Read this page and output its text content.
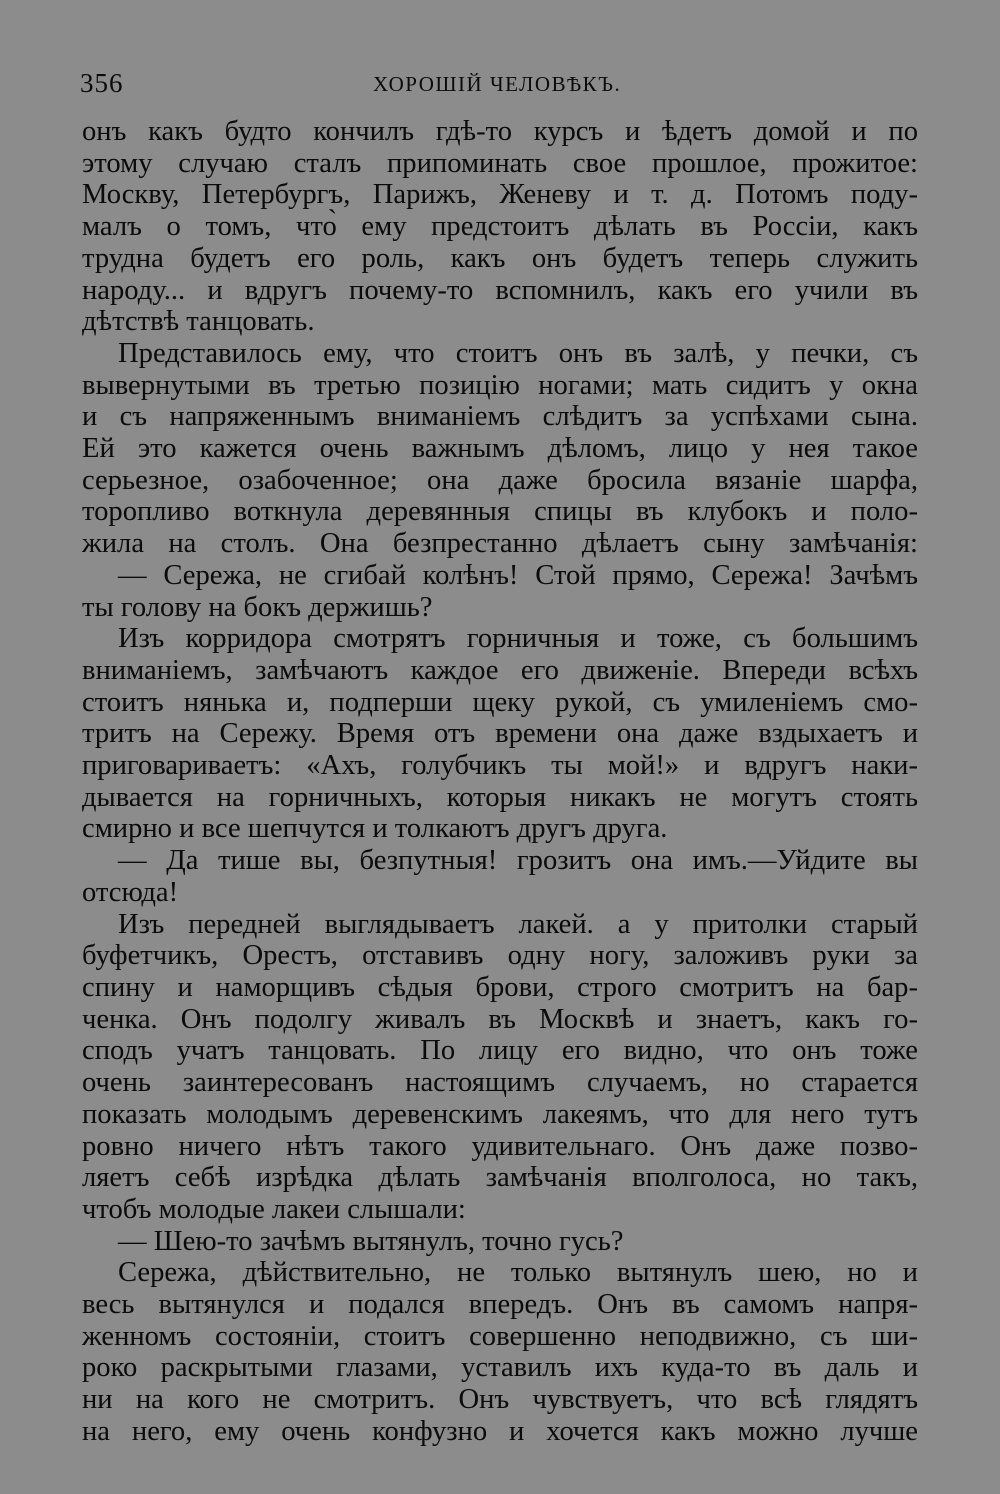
356	ХОРОШІЙ ЧЕЛОВѢКЪ.
онъ какъ будто кончилъ гдѣ-то курсъ и ѣдетъ домой и по
этому случаю сталъ припоминать свое прошлое, прожитое:
Москву, Петербургъ, Парижъ, Женеву и т. д. Потомъ поду-
малъ о томъ, что̀ ему предстоитъ дѣлать въ Россіи, какъ
трудна будетъ его роль, какъ онъ будетъ теперь служить
народу... и вдругъ почему-то вспомнилъ, какъ его учили въ
дѣтствѣ танцовать.
Представилось ему, что стоитъ онъ въ залѣ, у печки, съ
вывернутыми въ третью позицію ногами; мать сидитъ у окна
и съ напряженнымъ вниманіемъ слѣдитъ за успѣхами сына.
Ей это кажется очень важнымъ дѣломъ, лицо у нея такое
серьезное, озабоченное; она даже бросила вязаніе шарфа,
торопливо воткнула деревянныя спицы въ клубокъ и поло-
жила на столъ. Она безпрестанно дѣлаетъ сыну замѣчанія:
— Сережа, не сгибай колѣнъ! Стой прямо, Сережа! Зачѣмъ
ты голову на бокъ держишь?
Изъ корридора смотрятъ горничныя и тоже, съ большимъ
вниманіемъ, замѣчаютъ каждое его движеніе. Впереди всѣхъ
стоитъ нянька и, подперши щеку рукой, съ умиленіемъ смо-
тритъ на Сережу. Время отъ времени она даже вздыхаетъ и
приговариваетъ: «Ахъ, голубчикъ ты мой!» и вдругъ наки-
дывается на горничныхъ, которыя никакъ не могутъ стоять
смирно и все шепчутся и толкаютъ другъ друга.
— Да тише вы, безпутныя! грозитъ она имъ.—Уйдите вы
отсюда!
Изъ передней выглядываетъ лакей. а у притолки старый
буфетчикъ, Орестъ, отставивъ одну ногу, заложивъ руки за
спину и наморщивъ сѣдыя брови, строго смотритъ на бар-
ченка. Онъ подолгу живалъ въ Москвѣ и знаетъ, какъ го-
сподъ учатъ танцовать. По лицу его видно, что онъ тоже
очень заинтересованъ настоящимъ случаемъ, но старается
показать молодымъ деревенскимъ лакеямъ, что для него тутъ
ровно ничего нѣтъ такого удивительнаго. Онъ даже позво-
ляетъ себѣ изрѣдка дѣлать замѣчанія вполголоса, но такъ,
чтобъ молодые лакеи слышали:
— Шею-то зачѣмъ вытянулъ, точно гусь?
Сережа, дѣйствительно, не только вытянулъ шею, но и
весь вытянулся и подался впередъ. Онъ въ самомъ напря-
женномъ состояніи, стоитъ совершенно неподвижно, съ ши-
роко раскрытыми глазами, уставилъ ихъ куда-то въ даль и
ни на кого не смотритъ. Онъ чувствуетъ, что всѣ глядятъ
на него, ему очень конфузно и хочется какъ можно лучше
